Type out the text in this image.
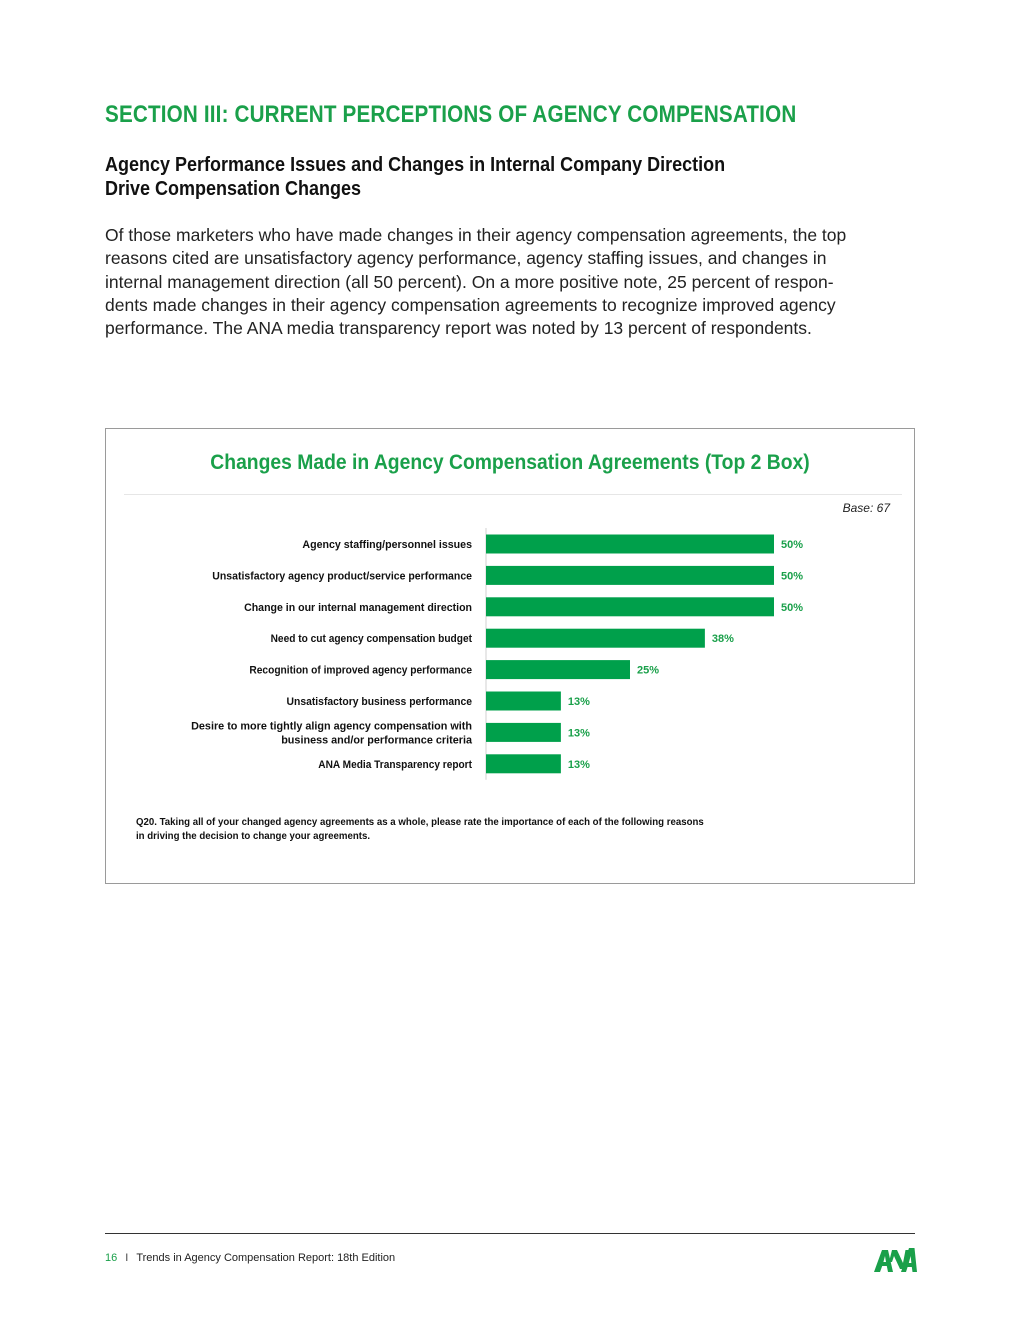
SECTION III: CURRENT PERCEPTIONS OF AGENCY COMPENSATION
Agency Performance Issues and Changes in Internal Company Direction
Drive Compensation Changes

Of those marketers who have made changes in their agency compensation agreements, the top
reasons cited are unsatisfactory agency performance, agency staffing issues, and changes in
internal management direction (all 50 percent). On a more positive note, 25 percent of respon-
dents made changes in their agency compensation agreements to recognize improved agency
performance. The ANA media transparency report was noted by 13 percent of respondents.

Changes Made in Agency Compensation Agreements (Top 2 Box)
Base: 67
50%
Agency staffing/personnel issues
50%
Unsatisfactory agency product/service performance
50%
Change in our internal management direction
38%
Need to cut agency compensation budget
25%
Recognition of improved agency performance
13%
Unsatisfactory business performance
13%
Desire to more tightly align agency compensation with
business and/or performance criteria
13%
ANA Media Transparency report
Q20. Taking all of your changed agency agreements as a whole, please rate the importance of each of the following reasons
in driving the decision to change your agreements.
16 I Trends in Agency Compensation Report: 18th Edition
